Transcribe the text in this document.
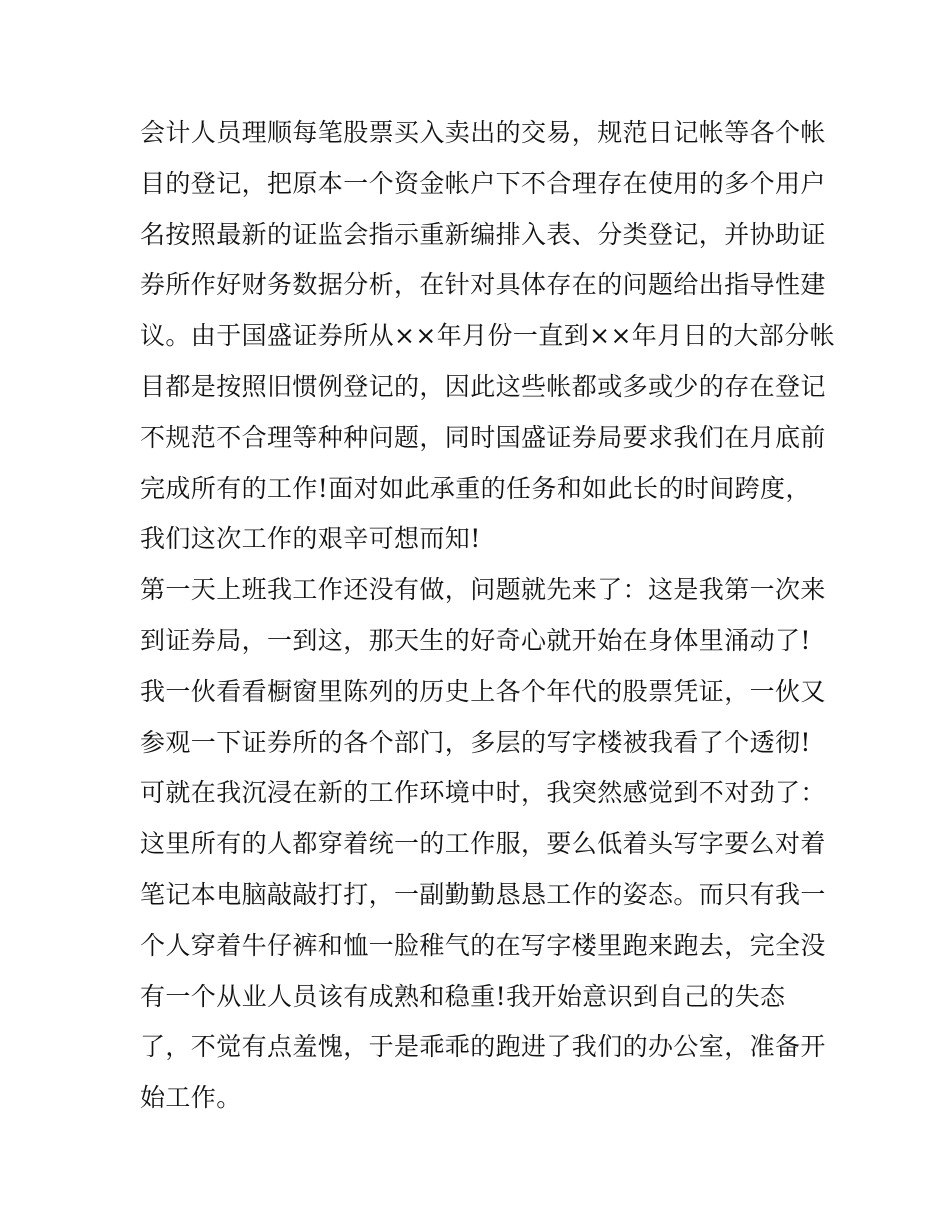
会计人员理顺每笔股票买入卖出的交易，规范日记帐等各个帐
目的登记，把原本一个资金帐户下不合理存在使用的多个用户
名按照最新的证监会指示重新编排入表、分类登记，并协助证
券所作好财务数据分析，在针对具体存在的问题给出指导性建
议。由于国盛证券所从××年月份一直到××年月日的大部分帐
目都是按照旧惯例登记的，因此这些帐都或多或少的存在登记
不规范不合理等种种问题，同时国盛证券局要求我们在月底前
完成所有的工作!面对如此承重的任务和如此长的时间跨度，
我们这次工作的艰辛可想而知!
第一天上班我工作还没有做，问题就先来了：这是我第一次来
到证券局，一到这，那天生的好奇心就开始在身体里涌动了!
我一伙看看橱窗里陈列的历史上各个年代的股票凭证，一伙又
参观一下证券所的各个部门，多层的写字楼被我看了个透彻!
可就在我沉浸在新的工作环境中时，我突然感觉到不对劲了：
这里所有的人都穿着统一的工作服，要么低着头写字要么对着
笔记本电脑敲敲打打，一副勤勤恳恳工作的姿态。而只有我一
个人穿着牛仔裤和恤一脸稚气的在写字楼里跑来跑去，完全没
有一个从业人员该有成熟和稳重!我开始意识到自己的失态
了，不觉有点羞愧，于是乖乖的跑进了我们的办公室，准备开
始工作。
